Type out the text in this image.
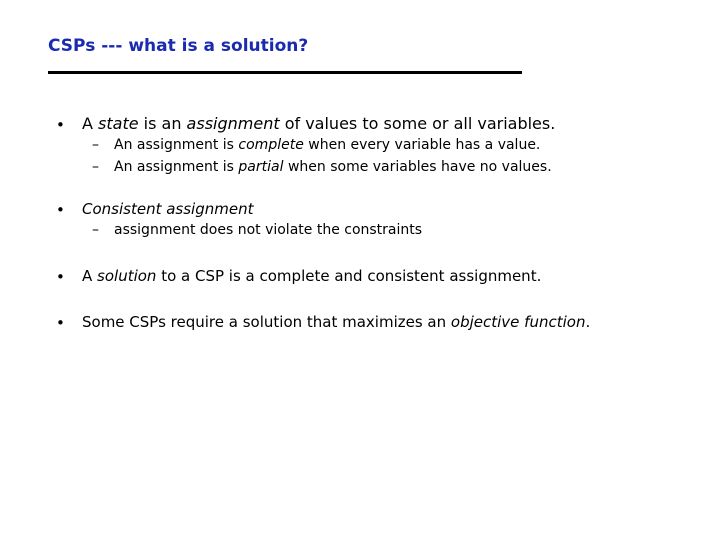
CSPs --- what is a solution?
• A state is an assignment of values to some or all variables.
– An assignment is complete when every variable has a value.
– An assignment is partial when some variables have no values.
• Consistent assignment
– assignment does not violate the constraints
• A solution to a CSP is a complete and consistent assignment.
• Some CSPs require a solution that maximizes an objective function.
